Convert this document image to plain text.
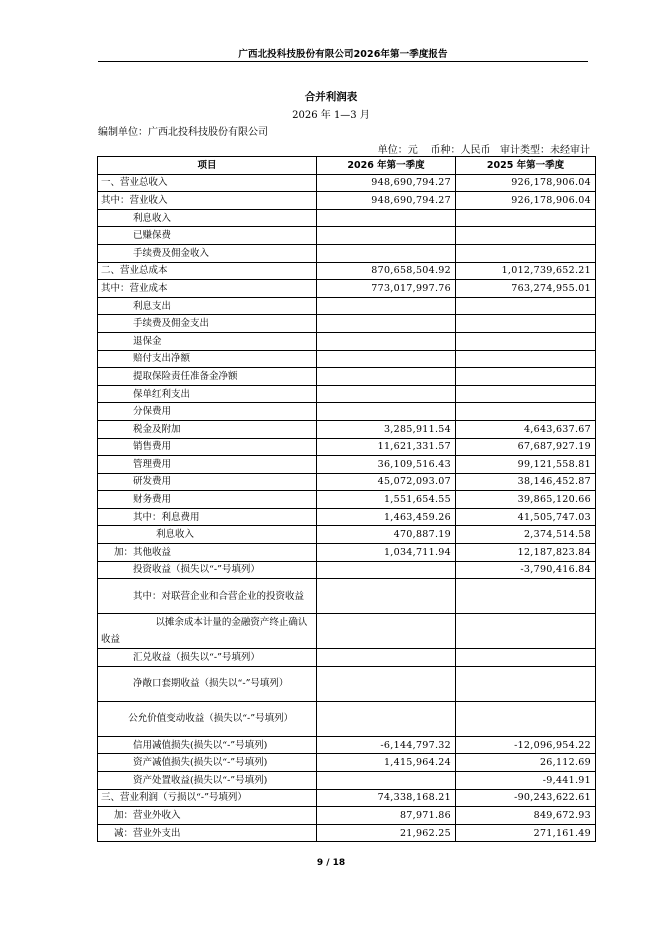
广西北投科技股份有限公司2026年第一季度报告
合并利润表
2026 年 1—3 月
编制单位：广西北投科技股份有限公司
单位：元    币种：人民币   审计类型：未经审计
项目	2026 年第一季度	2025 年第一季度
一、营业总收入	948,690,794.27	926,178,906.04
其中：营业收入	948,690,794.27	926,178,906.04
利息收入		
已赚保费		
手续费及佣金收入		
二、营业总成本	870,658,504.92	1,012,739,652.21
其中：营业成本	773,017,997.76	763,274,955.01
利息支出		
手续费及佣金支出		
退保金		
赔付支出净额		
提取保险责任准备金净额		
保单红利支出		
分保费用		
税金及附加	3,285,911.54	4,643,637.67
销售费用	11,621,331.57	67,687,927.19
管理费用	36,109,516.43	99,121,558.81
研发费用	45,072,093.07	38,146,452.87
财务费用	1,551,654.55	39,865,120.66
其中：利息费用	1,463,459.26	41,505,747.03
利息收入	470,887.19	2,374,514.58
加：其他收益	1,034,711.94	12,187,823.84
投资收益（损失以“-”号填列）		-3,790,416.84
其中：对联营企业和合营企业的投资收益		
以摊余成本计量的金融资产终止确认收益		
汇兑收益（损失以“-”号填列）		
净敞口套期收益（损失以“-”号填列）		
公允价值变动收益（损失以“-”号填列）		
信用减值损失(损失以“-”号填列)	-6,144,797.32	-12,096,954.22
资产减值损失(损失以“-”号填列)	1,415,964.24	26,112.69
资产处置收益(损失以“-”号填列)		-9,441.91
三、营业利润（亏损以“-”号填列）	74,338,168.21	-90,243,622.61
加：营业外收入	87,971.86	849,672.93
减：营业外支出	21,962.25	271,161.49
9 / 18
